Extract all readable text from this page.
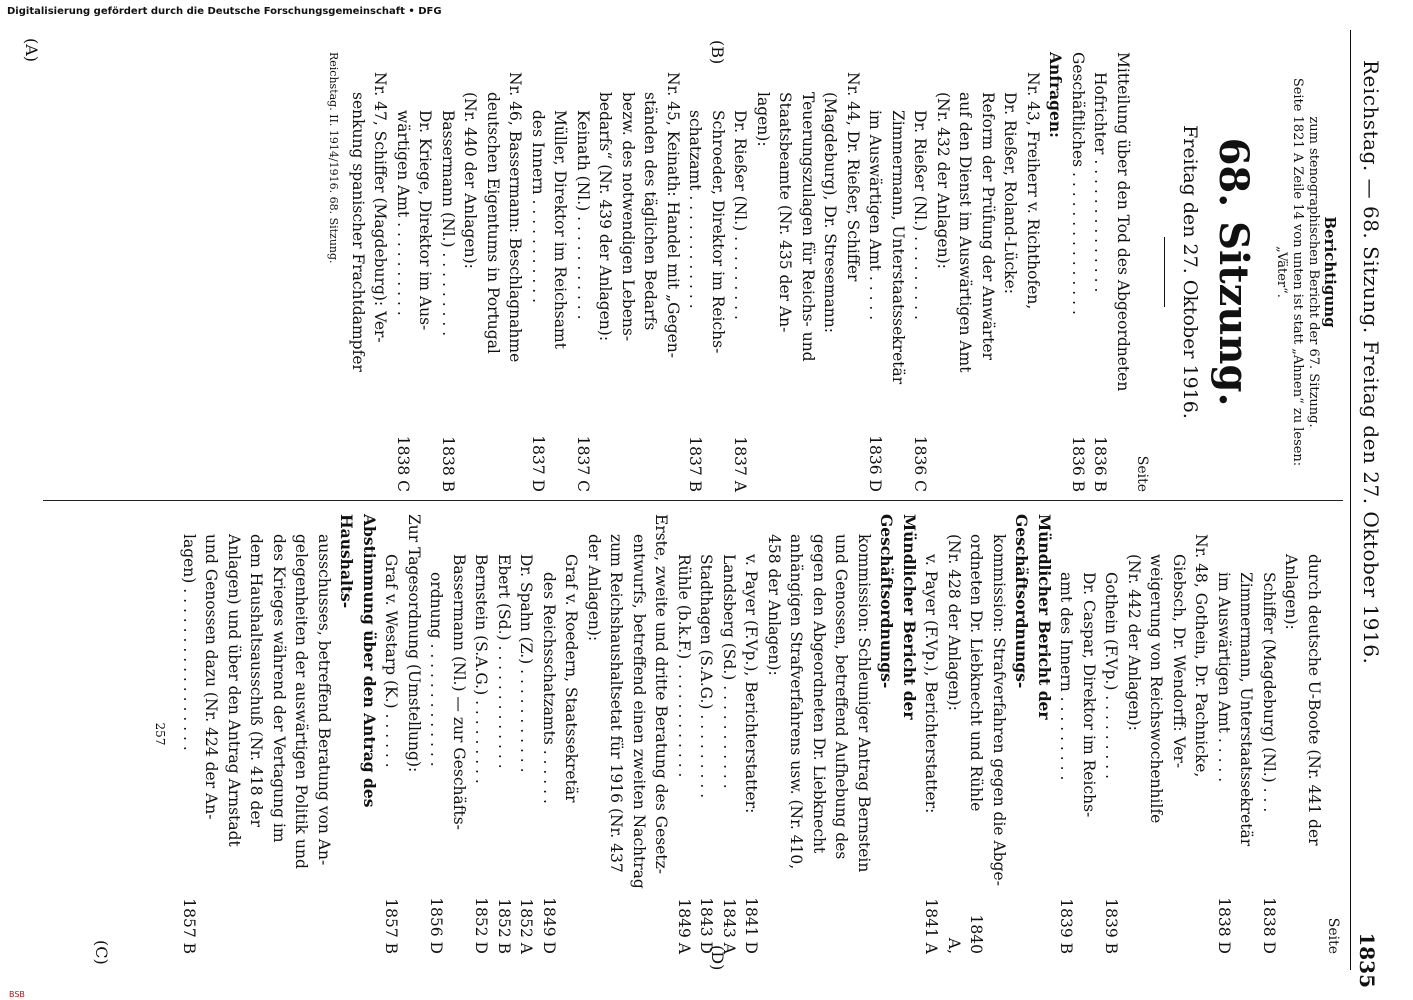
Reichstag. — 68. Sitzung. Freitag den 27. Oktober 1916.
1835
(A)	(B)
(C)	(D)
Digitalisierung gefördert durch die Deutsche Forschungsgemeinschaft • DFG
BSB
Berichtigung
zum stenographischen Bericht der 67. Sitzung.
Seite 1821 A Zeile 14 von unten ist statt „Ahnen“ zu lesen: „Väter“.
68. Sitzung.
Freitag den 27. Oktober 1916.
Seite
Mitteilung über den Tod des Abgeordneten
Hofrichter . . . . . . . . . . . . . .
1836 B
Geschäftliches . . . . . . . . . . . . . . .
1836 B
Anfragen:
Nr. 43, Freiherr v. Richthofen,
Dr. Rießer, Roland-Lücke:
Reform der Prüfung der Anwärter
auf den Dienst im Auswärtigen Amt
(Nr. 432 der Anlagen):
Dr. Rießer (Nl.) . . . . . . . . .
1836 C
Zimmermann, Unterstaatssekretär
im Auswärtigen Amt . . . . .
1836 D
Nr. 44, Dr. Rießer, Schiffer
(Magdeburg), Dr. Stresemann:
Teuerungszulagen für Reichs- und
Staatsbeamte (Nr. 435 der An-
lagen):
Dr. Rießer (Nl.) . . . . . . . . .
1837 A
Schroeder, Direktor im Reichs-
schatzamt . . . . . . . . . . . .
1837 B
Nr. 45, Keinath: Handel mit „Gegen-
ständen des täglichen Bedarfs
bezw. des notwendigen Lebens-
bedarfs“ (Nr. 439 der Anlagen):
Keinath (Nl.) . . . . . . . . . . .
1837 C
Müller, Direktor im Reichsamt
des Innern . . . . . . . . . . .
1837 D
Nr. 46, Bassermann: Beschlagnahme
deutschen Eigentums in Portugal
(Nr. 440 der Anlagen):
Bassermann (Nl.) . . . . . . . . .
1838 B
Dr. Kriege, Direktor im Aus-
wärtigen Amt . . . . . . . . . .
1838 C
Nr. 47, Schiffer (Magdeburg): Ver-
senkung spanischer Frachtdampfer
Reichstag. II. 1914/1916. 68. Sitzung.
Seite
durch deutsche U-Boote (Nr. 441 der
Anlagen):
Schiffer (Magdeburg) (Nl.) . . .
1838 D
Zimmermann, Unterstaatssekretär
im Auswärtigen Amt . . . . .
1838 D
Nr. 48, Gothein, Dr. Pachnicke,
Giebsch, Dr. Wendorff: Ver-
weigerung von Reichswochenhilfe
(Nr. 442 der Anlagen):
Gothein (F.Vp.) . . . . . . . . .
1839 B
Dr. Caspar, Direktor im Reichs-
amt des Innern . . . . . . . . .
1839 B
Mündlicher Bericht der Geschäftsordnungs-
kommission: Strafverfahren gegen die Abge-
ordneten Dr. Liebknecht und Rühle
(Nr. 428 der Anlagen):
v. Payer (F.Vp.), Berichterstatter:
1840 A, 1841 A
Mündlicher Bericht der Geschäftsordnungs-
kommission: Schleuniger Antrag Bernstein
und Genossen, betreffend Aufhebung des
gegen den Abgeordneten Dr. Liebknecht
anhängigen Strafverfahrens usw. (Nr. 410,
458 der Anlagen):
v. Payer (F.Vp.), Berichterstatter:
1841 D
Landsberg (Sd.) . . . . . . . . . . .
1843 A
Stadthagen (S.A.G.) . . . . . . . . .
1843 D
Rühle (b.k.F.) . . . . . . . . . . . .
1849 A
Erste, zweite und dritte Beratung des Gesetz-
entwurfs, betreffend einen zweiten Nachtrag
zum Reichshaushaltsetat für 1916 (Nr. 437
der Anlagen):
Graf v. Roedern, Staatssekretär
des Reichsschatzamts . . . . . .
1849 D
Dr. Spahn (Z.) . . . . . . . . . . .
1852 A
Ebert (Sd.) . . . . . . . . . . . . .
1852 B
Bernstein (S.A.G.) . . . . . . . . .
1852 D
Bassermann (Nl.) — zur Geschäfts-
ordnung . . . . . . . . . . . . .
1856 D
Zur Tagesordnung (Umstellung):
Graf v. Westarp (K.) . . . . . .
1857 B
Abstimmung über den Antrag des Haushalts-
ausschusses, betreffend Beratung von An-
gelegenheiten der auswärtigen Politik und
des Krieges während der Vertagung im
dem Haushaltsausschuß (Nr. 418 der
Anlagen) und über den Antrag Arnstadt
und Genossen dazu (Nr. 424 der An-
lagen) . . . . . . . . . . . . . . . . .
1857 B
257
